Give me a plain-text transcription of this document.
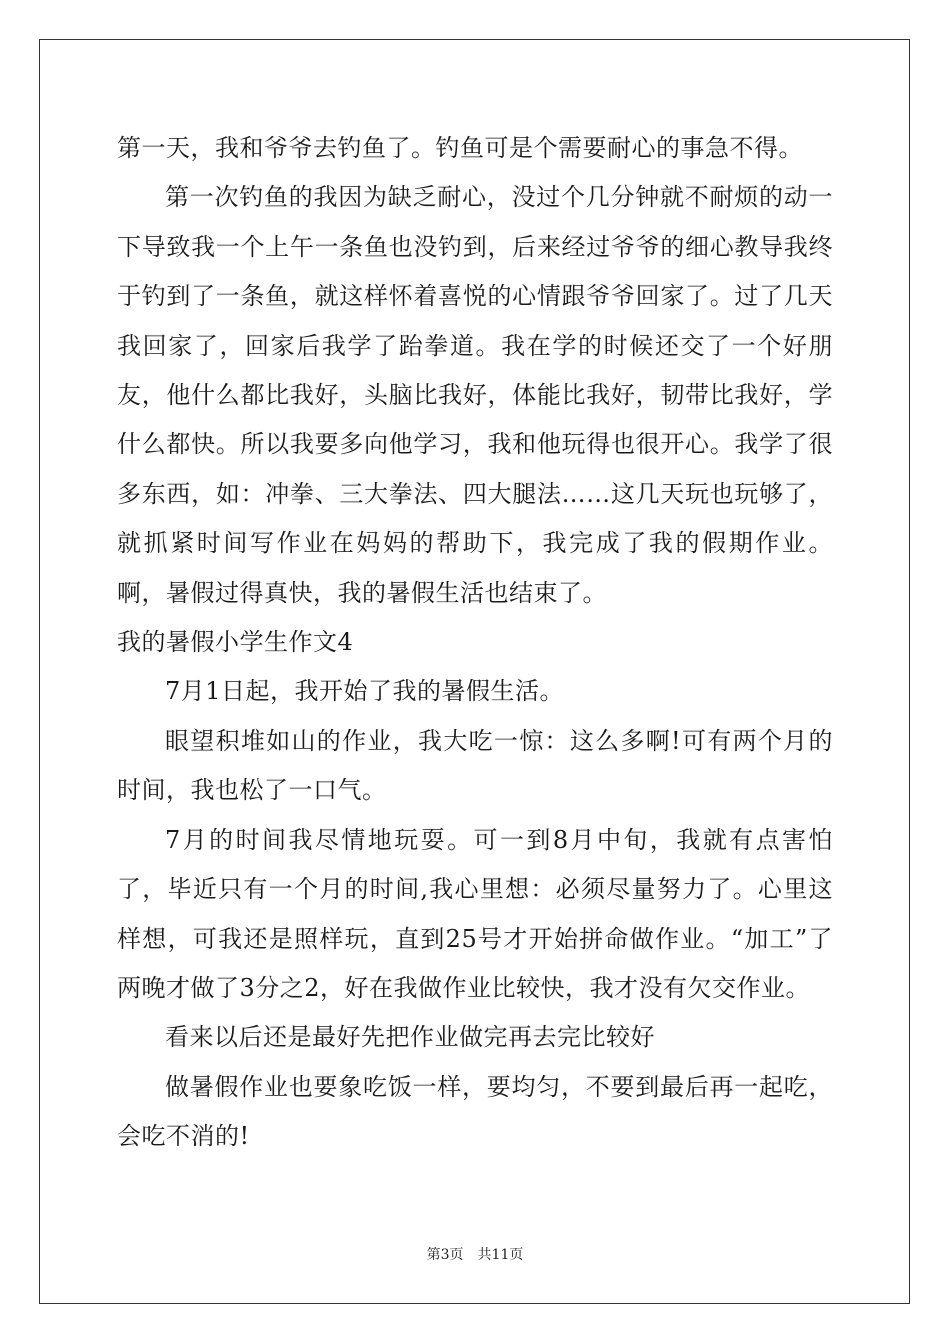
第一天，我和爷爷去钓鱼了。钓鱼可是个需要耐心的事急不得。

第一次钓鱼的我因为缺乏耐心，没过个几分钟就不耐烦的动一下导致我一个上午一条鱼也没钓到，后来经过爷爷的细心教导我终于钓到了一条鱼，就这样怀着喜悦的心情跟爷爷回家了。过了几天我回家了，回家后我学了跆拳道。我在学的时候还交了一个好朋友，他什么都比我好，头脑比我好，体能比我好，韧带比我好，学什么都快。所以我要多向他学习，我和他玩得也很开心。我学了很多东西，如：冲拳、三大拳法、四大腿法……这几天玩也玩够了，就抓紧时间写作业在妈妈的帮助下，我完成了我的假期作业。 啊，暑假过得真快，我的暑假生活也结束了。

我的暑假小学生作文4

7月1日起，我开始了我的暑假生活。

眼望积堆如山的作业，我大吃一惊：这么多啊!可有两个月的时间，我也松了一口气。

7月的时间我尽情地玩耍。可一到8月中旬，我就有点害怕了，毕近只有一个月的时间,我心里想：必须尽量努力了。心里这样想，可我还是照样玩，直到25号才开始拼命做作业。“加工”了两晚才做了3分之2，好在我做作业比较快，我才没有欠交作业。

看来以后还是最好先把作业做完再去完比较好

做暑假作业也要象吃饭一样，要均匀，不要到最后再一起吃，会吃不消的!

第3页 共11页
